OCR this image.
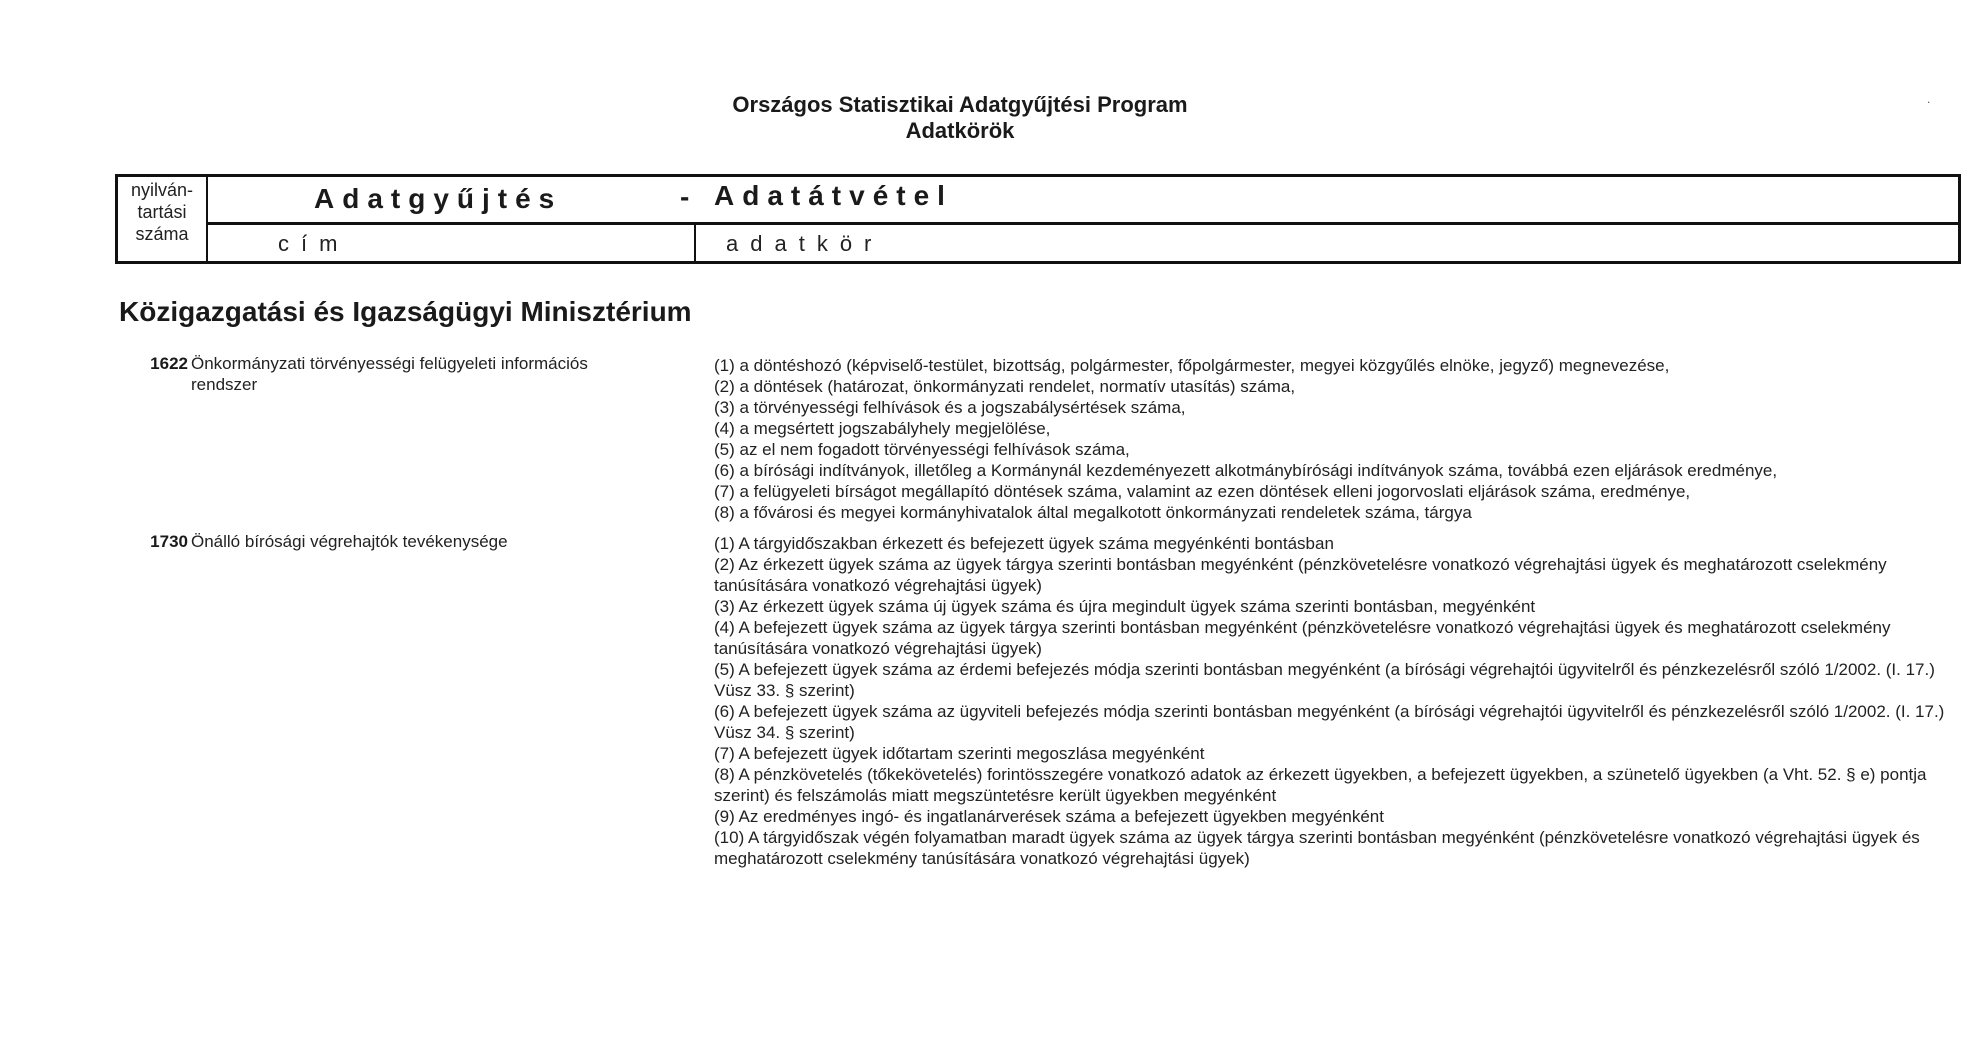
Országos Statisztikai Adatgyűjtési Program
Adatkörök
.
nyilván-
tartási
száma
Adatgyűjtés	- Adatátvétel
cím	adatkör
Közigazgatási és Igazságügyi Minisztérium
1622 Önkormányzati törvényességi felügyeleti információs rendszer
(1) a döntéshozó (képviselő-testület, bizottság, polgármester, főpolgármester, megyei közgyűlés elnöke, jegyző) megnevezése,
(2) a döntések (határozat, önkormányzati rendelet, normatív utasítás) száma,
(3) a törvényességi felhívások és a jogszabálysértések száma,
(4) a megsértett jogszabályhely megjelölése,
(5) az el nem fogadott törvényességi felhívások száma,
(6) a bírósági indítványok, illetőleg a Kormánynál kezdeményezett alkotmánybírósági indítványok száma, továbbá ezen eljárások eredménye,
(7) a felügyeleti bírságot megállapító döntések száma, valamint az ezen döntések elleni jogorvoslati eljárások száma, eredménye,
(8) a fővárosi és megyei kormányhivatalok által megalkotott önkormányzati rendeletek száma, tárgya
1730 Önálló bírósági végrehajtók tevékenysége	(1) A tárgyidőszakban érkezett és befejezett ügyek száma megyénkénti bontásban
(2) Az érkezett ügyek száma az ügyek tárgya szerinti bontásban megyénként (pénzkövetelésre vonatkozó végrehajtási ügyek és meghatározott cselekmény tanúsítására vonatkozó végrehajtási ügyek)
(3) Az érkezett ügyek száma új ügyek száma és újra megindult ügyek száma szerinti bontásban, megyénként
(4) A befejezett ügyek száma az ügyek tárgya szerinti bontásban megyénként (pénzkövetelésre vonatkozó végrehajtási ügyek és meghatározott cselekmény tanúsítására vonatkozó végrehajtási ügyek)
(5) A befejezett ügyek száma az érdemi befejezés módja szerinti bontásban megyénként (a bírósági végrehajtói ügyvitelről és pénzkezelésről szóló 1/2002. (I. 17.) Vüsz 33. § szerint)
(6) A befejezett ügyek száma az ügyviteli befejezés módja szerinti bontásban megyénként (a bírósági végrehajtói ügyvitelről és pénzkezelésről szóló 1/2002. (I. 17.) Vüsz 34. § szerint)
(7) A befejezett ügyek időtartam szerinti megoszlása megyénként
(8) A pénzkövetelés (tőkekövetelés) forintösszegére vonatkozó adatok az érkezett ügyekben, a befejezett ügyekben, a szünetelő ügyekben (a Vht. 52. § e) pontja szerint) és felszámolás miatt megszüntetésre került ügyekben megyénként
(9) Az eredményes ingó- és ingatlanárverések száma a befejezett ügyekben megyénként
(10) A tárgyidőszak végén folyamatban maradt ügyek száma az ügyek tárgya szerinti bontásban megyénként (pénzkövetelésre vonatkozó végrehajtási ügyek és meghatározott cselekmény tanúsítására vonatkozó végrehajtási ügyek)
